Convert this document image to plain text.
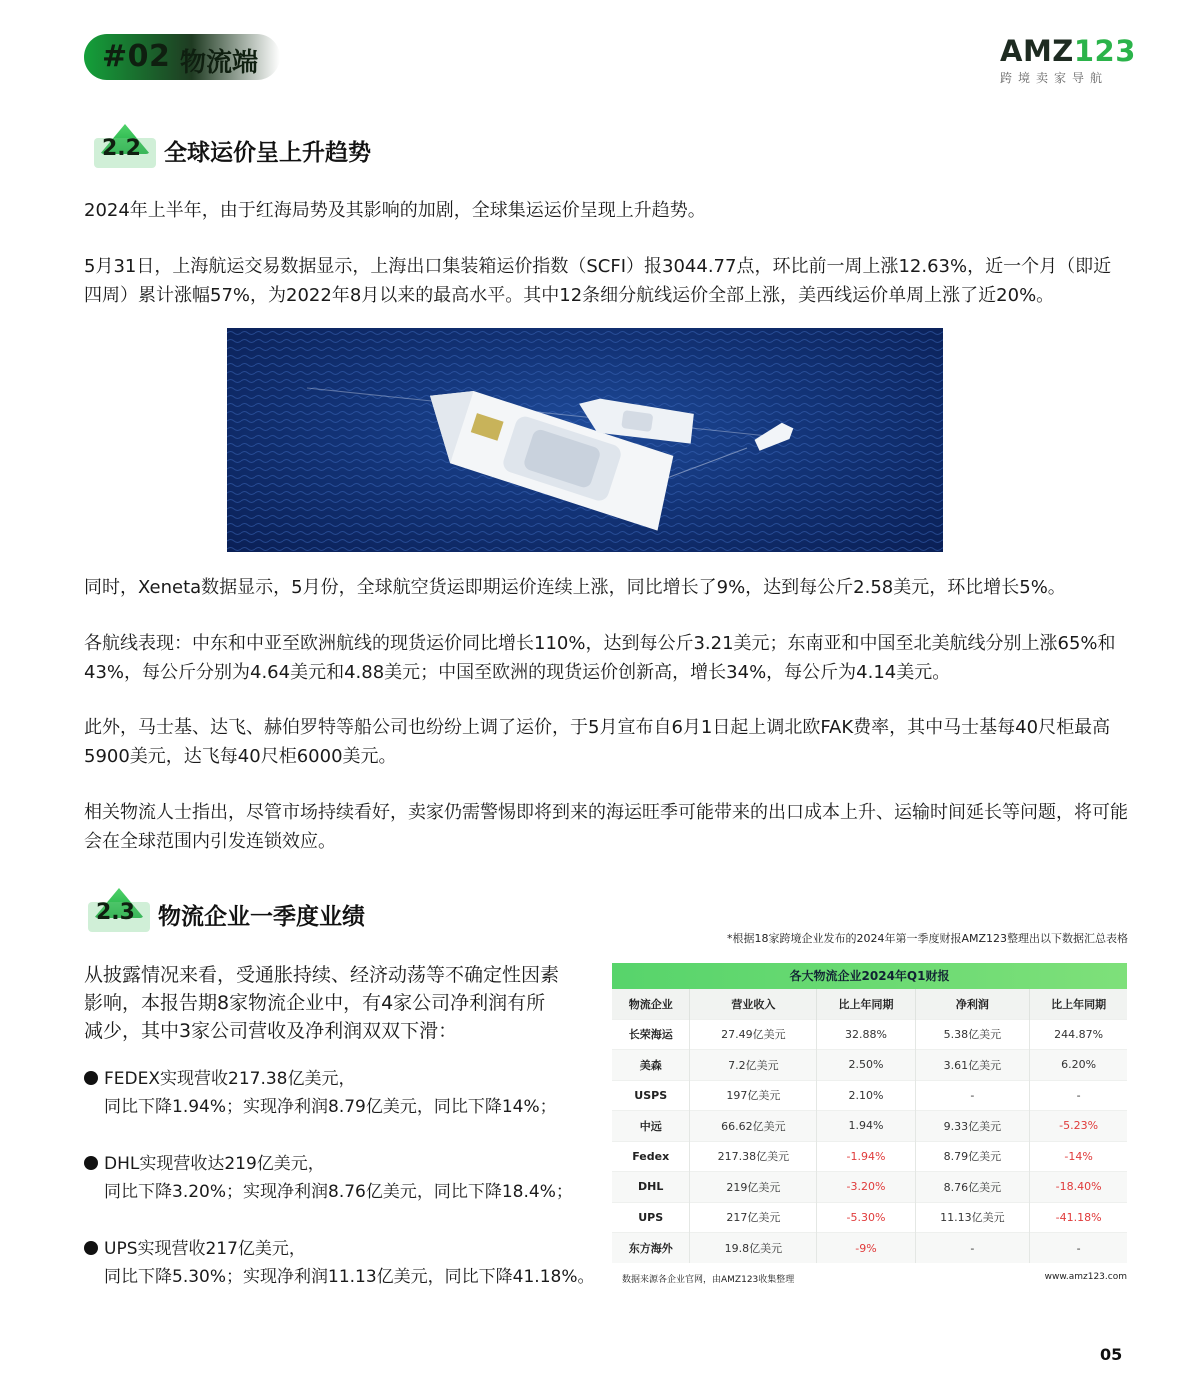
#02 物流端	AMZ123
跨境卖家导航
2.2 全球运价呈上升趋势

2024年上半年，由于红海局势及其影响的加剧，全球集运运价呈现上升趋势。

5月31日，上海航运交易数据显示，上海出口集装箱运价指数（SCFI）报3044.77点，环比前一周上涨12.63%，近一个月（即近四周）累计涨幅57%，为2022年8月以来的最高水平。其中12条细分航线运价全部上涨，美西线运价单周上涨了近20%。

同时，Xeneta数据显示，5月份，全球航空货运即期运价连续上涨，同比增长了9%，达到每公斤2.58美元，环比增长5%。

各航线表现：中东和中亚至欧洲航线的现货运价同比增长110%，达到每公斤3.21美元；东南亚和中国至北美航线分别上涨65%和43%，每公斤分别为4.64美元和4.88美元；中国至欧洲的现货运价创新高，增长34%，每公斤为4.14美元。

此外，马士基、达飞、赫伯罗特等船公司也纷纷上调了运价，于5月宣布自6月1日起上调北欧FAK费率，其中马士基每40尺柜最高5900美元，达飞每40尺柜6000美元。

相关物流人士指出，尽管市场持续看好，卖家仍需警惕即将到来的海运旺季可能带来的出口成本上升、运输时间延长等问题，将可能会在全球范围内引发连锁效应。

2.3 物流企业一季度业绩

从披露情况来看，受通胀持续、经济动荡等不确定性因素影响，本报告期8家物流企业中，有4家公司净利润有所减少，其中3家公司营收及净利润双双下滑：

FEDEX实现营收217.38亿美元，
同比下降1.94%；实现净利润8.79亿美元，同比下降14%；
DHL实现营收达219亿美元，
同比下降3.20%；实现净利润8.76亿美元，同比下降18.4%；
UPS实现营收217亿美元，
同比下降5.30%；实现净利润11.13亿美元，同比下降41.18%。
*根据18家跨境企业发布的2024年第一季度财报AMZ123整理出以下数据汇总表格
各大物流企业2024年Q1财报
物流企业	营业收入	比上年同期	净利润	比上年同期
长荣海运	27.49亿美元	32.88%	5.38亿美元	244.87%
美森	7.2亿美元	2.50%	3.61亿美元	6.20%
USPS	197亿美元	2.10%	-	-
中远	66.62亿美元	1.94%	9.33亿美元	-5.23%
Fedex	217.38亿美元	-1.94%	8.79亿美元	-14%
DHL	219亿美元	-3.20%	8.76亿美元	-18.40%
UPS	217亿美元	-5.30%	11.13亿美元	-41.18%
东方海外	19.8亿美元	-9%	-	-
数据来源各企业官网，由AMZ123收集整理	www.amz123.com
05
